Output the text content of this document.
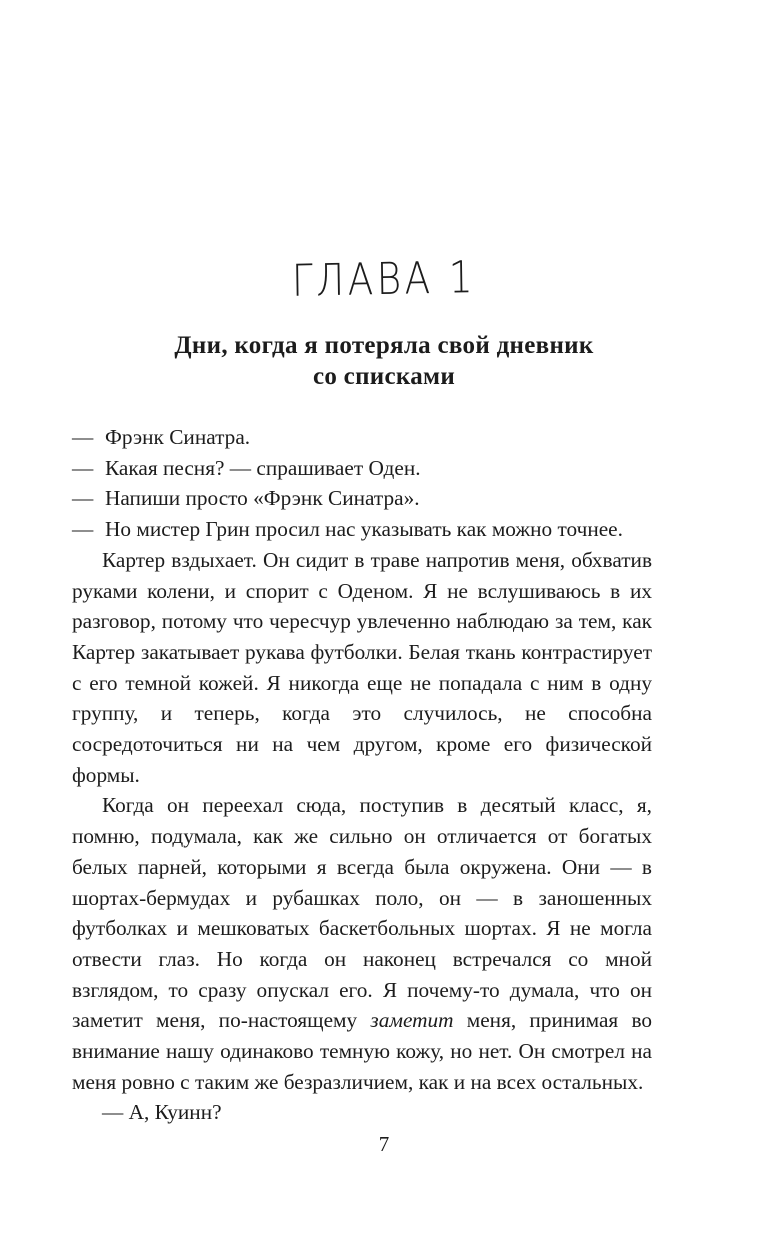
ГЛАВА 1
Дни, когда я потеряла свой дневник
со списками

— Фрэнк Синатра.

— Какая песня? — спрашивает Оден.

— Напиши просто «Фрэнк Синатра».

— Но мистер Грин просил нас указывать как можно точнее.

Картер вздыхает. Он сидит в траве напротив меня, обхватив руками колени, и спорит с Оденом. Я не вслушиваюсь в их разговор, потому что чересчур увлеченно наблюдаю за тем, как Картер закатывает рукава футболки. Белая ткань контрастирует с его темной кожей. Я никогда еще не попадала с ним в одну группу, и теперь, когда это случилось, не способна сосредоточиться ни на чем другом, кроме его физической формы.

Когда он переехал сюда, поступив в десятый класс, я, помню, подумала, как же сильно он отличается от богатых белых парней, которыми я всегда была окружена. Они — в шортах-бермудах и рубашках поло, он — в заношенных футболках и мешковатых баскетбольных шортах. Я не могла отвести глаз. Но когда он наконец встречался со мной взглядом, то сразу опускал его. Я почему-то думала, что он заметит меня, по-настоящему заметит меня, принимая во внимание нашу одинаково темную кожу, но нет. Он смотрел на меня ровно с таким же безразличием, как и на всех остальных.

— А, Куинн?

7
